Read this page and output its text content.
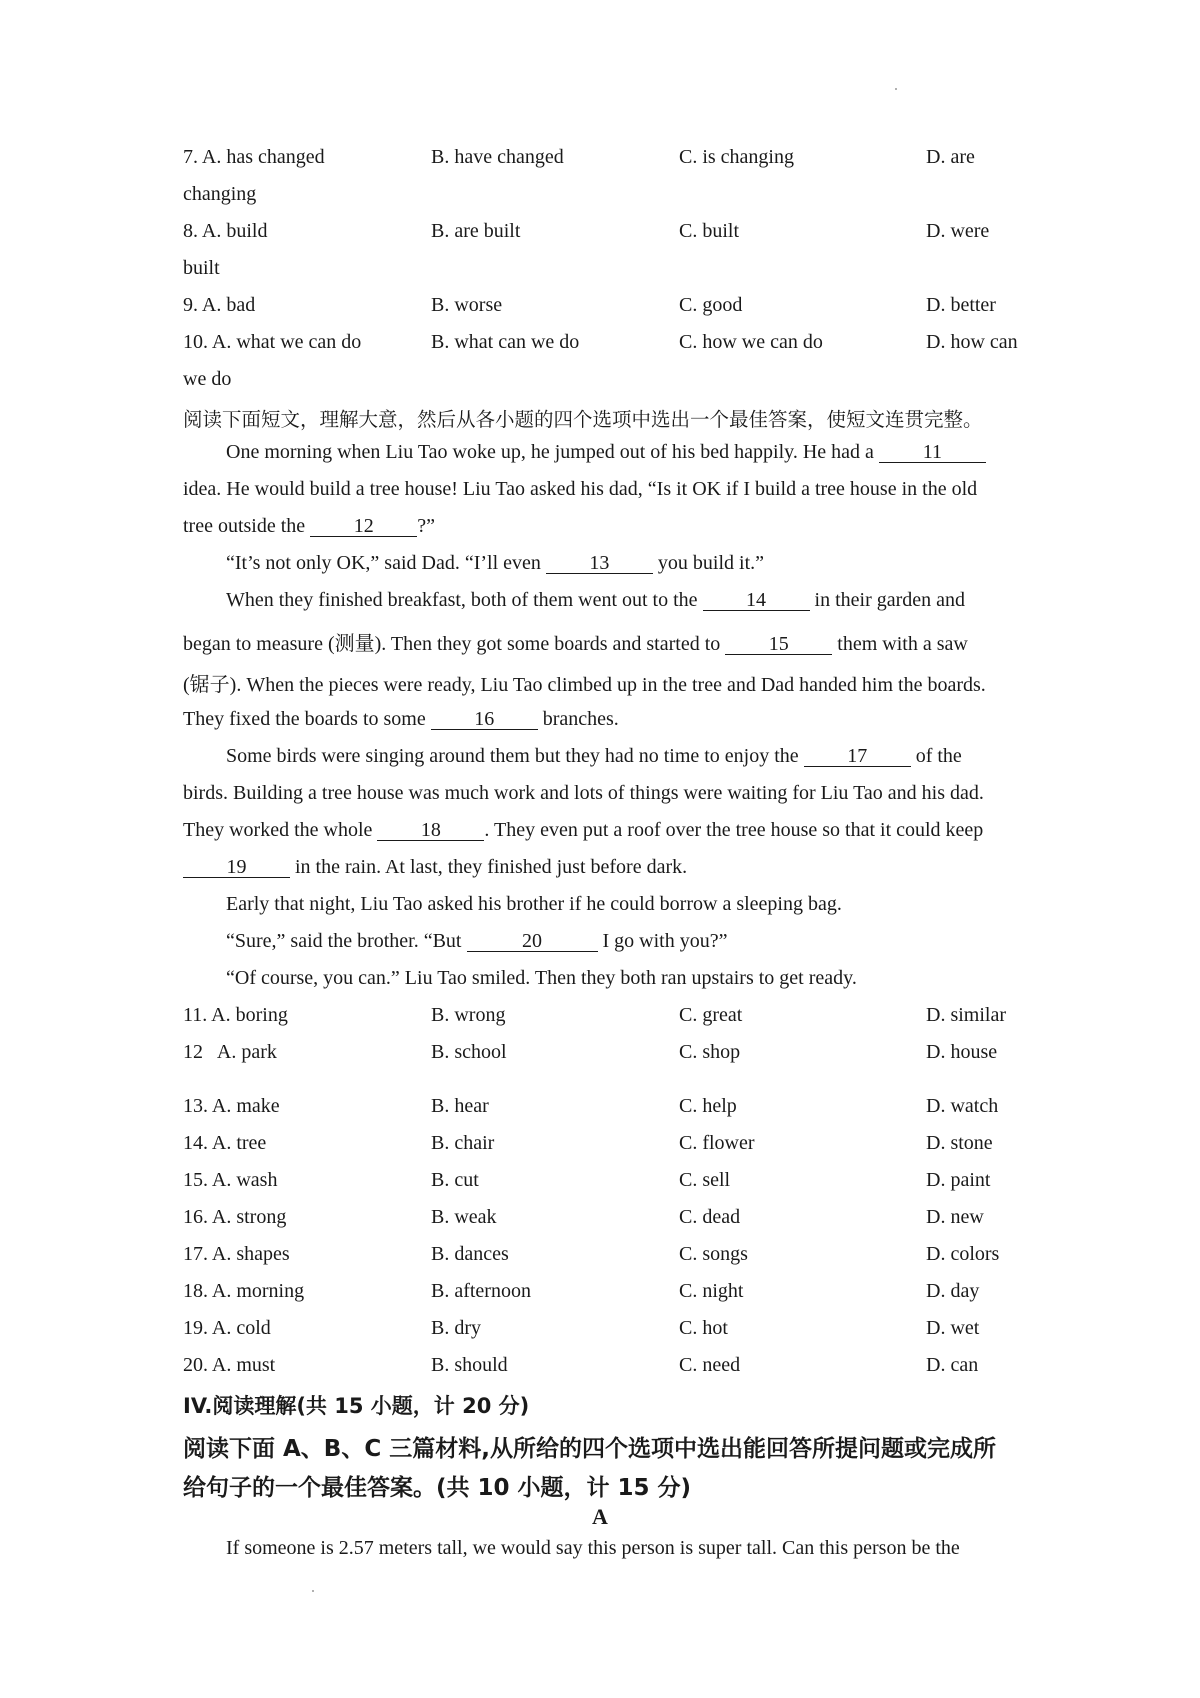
7. A. has changed	B. have changed	C. is changing	D. are
changing
8. A. build	B. are built	C. built	D. were
built
9. A. bad	B. worse	C. good	D. better
10. A. what we can do	B. what can we do	C. how we can do	D. how can
we do
阅读下面短文，理解大意，然后从各小题的四个选项中选出一个最佳答案，使短文连贯完整。
One morning when Liu Tao woke up, he jumped out of his bed happily. He had a 11
idea. He would build a tree house! Liu Tao asked his dad, “Is it OK if I build a tree house in the old
tree outside the 12 ?”
“It’s not only OK,” said Dad. “I’ll even 13 you build it.”
When they finished breakfast, both of them went out to the 14 in their garden and
began to measure (测量). Then they got some boards and started to 15 them with a saw
(锯子). When the pieces were ready, Liu Tao climbed up in the tree and Dad handed him the boards.
They fixed the boards to some 16 branches.
Some birds were singing around them but they had no time to enjoy the 17 of the
birds. Building a tree house was much work and lots of things were waiting for Liu Tao and his dad.
They worked the whole 18 . They even put a roof over the tree house so that it could keep
19 in the rain. At last, they finished just before dark.
Early that night, Liu Tao asked his brother if he could borrow a sleeping bag.
“Sure,” said the brother. “But	20	I go with you?”
“Of course, you can.” Liu Tao smiled. Then they both ran upstairs to get ready.
11. A. boring	B. wrong	C. great	D. similar
12   A. park	B. school	C. shop	D. house
13. A. make	B. hear	C. help	D. watch
14. A. tree	B. chair	C. flower	D. stone
15. A. wash	B. cut	C. sell	D. paint
16. A. strong	B. weak	C. dead	D. new
17. A. shapes	B. dances	C. songs	D. colors
18. A. morning	B. afternoon	C. night	D. day
19. A. cold	B. dry	C. hot	D. wet
20. A. must	B. should	C. need	D. can
IV.阅读理解(共 15 小题，计 20 分)
阅读下面 A、B、C 三篇材料,从所给的四个选项中选出能回答所提问题或完成所
给句子的一个最佳答案。(共 10 小题，计 15 分)
A
If someone is 2.57 meters tall, we would say this person is super tall. Can this person be the
